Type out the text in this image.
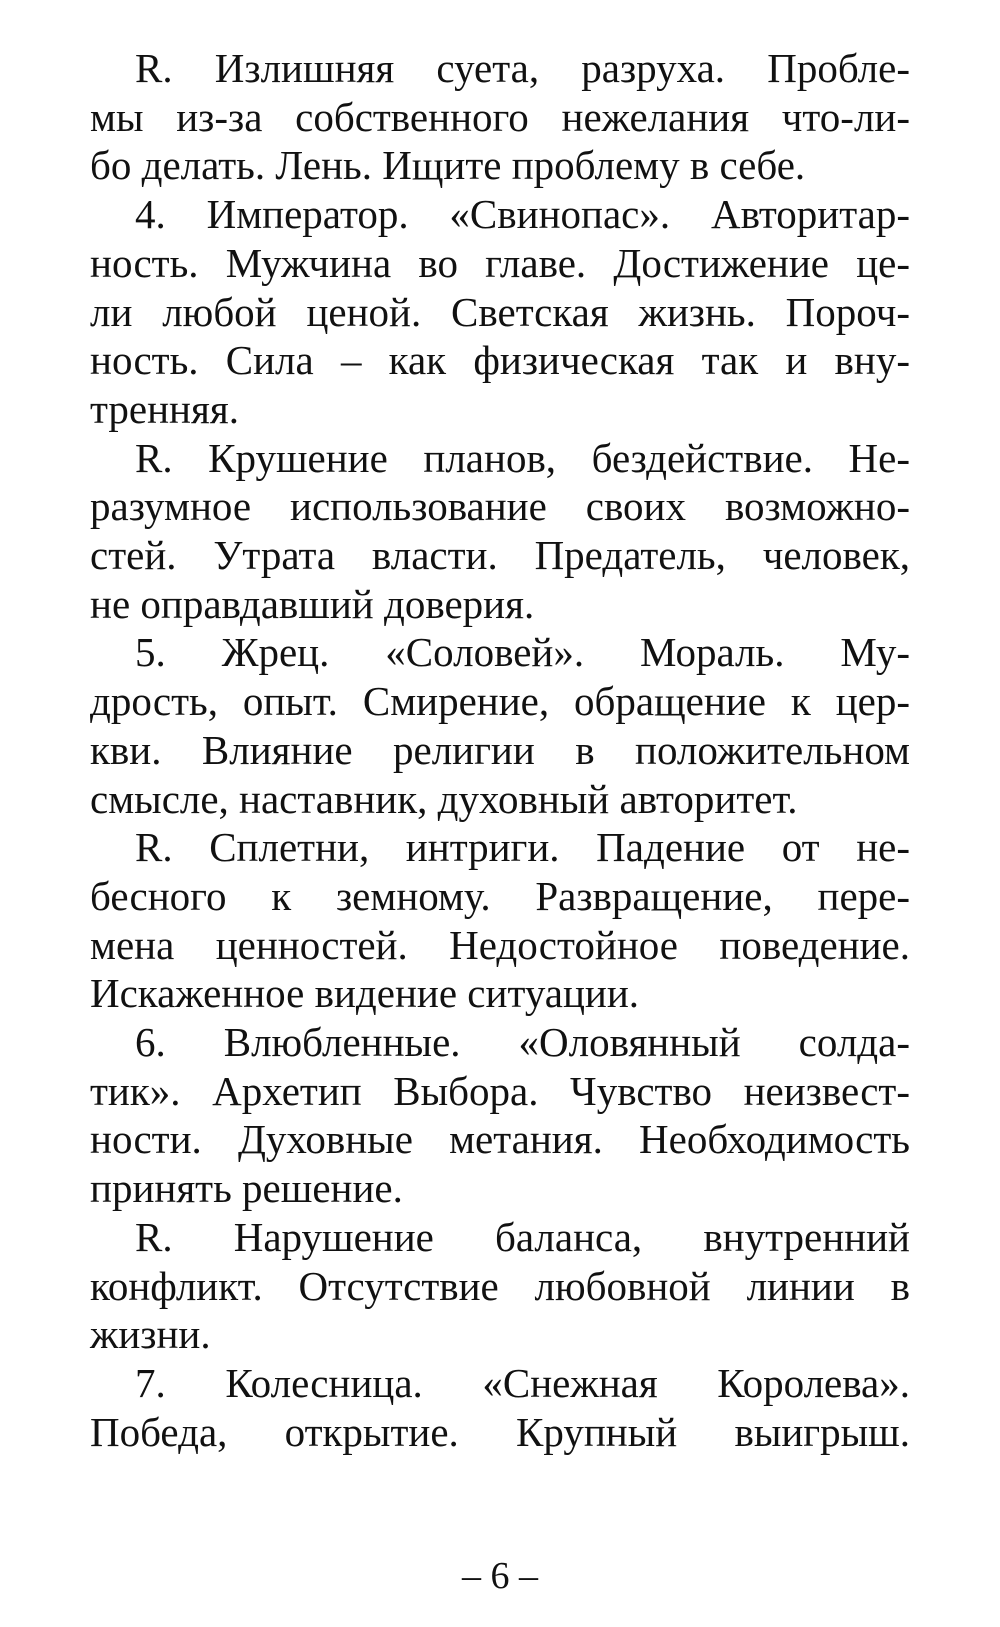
R. Излишняя суета, разруха. Пробле-
мы из-за собственного нежелания что-ли-
бо делать. Лень. Ищите проблему в себе.

4. Император. «Свинопас». Авторитар-
ность. Мужчина во главе. Достижение це-
ли любой ценой. Светская жизнь. Пороч-
ность. Сила – как физическая так и вну-
тренняя.

R. Крушение планов, бездействие. Не-
разумное использование своих возможно-
стей. Утрата власти. Предатель, человек,
не оправдавший доверия.

5. Жрец. «Соловей». Мораль. Му-
дрость, опыт. Смирение, обращение к цер-
кви. Влияние религии в положительном
смысле, наставник, духовный авторитет.

R. Сплетни, интриги. Падение от не-
бесного к земному. Развращение, пере-
мена ценностей. Недостойное поведение.
Искаженное видение ситуации.

6. Влюбленные. «Оловянный солда-
тик». Архетип Выбора. Чувство неизвест-
ности. Духовные метания. Необходимость
принять решение.

R. Нарушение баланса, внутренний
конфликт. Отсутствие любовной линии в
жизни.

7. Колесница. «Снежная Королева».
Победа, открытие. Крупный выигрыш.

– 6 –
